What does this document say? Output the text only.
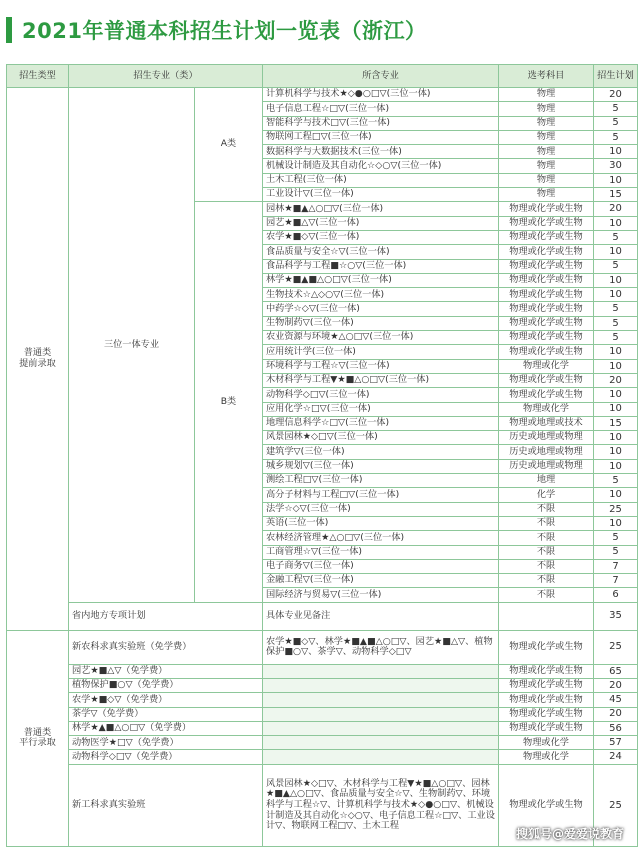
2021年普通本科招生计划一览表（浙江）
招生类型	招生专业（类）		所含专业	选考科目	招生计划
普通类
提前录取	三位一体专业	A类	计算机科学与技术★◇●○□▽(三位一体)	物理	20
			电子信息工程☆□▽(三位一体)	物理	5
			智能科学与技术□▽(三位一体)	物理	5
			物联网工程□▽(三位一体)	物理	5
			数据科学与大数据技术(三位一体)	物理	10
			机械设计制造及其自动化☆◇○▽(三位一体)	物理	30
			土木工程(三位一体)	物理	10
			工业设计▽(三位一体)	物理	15
		B类	园林★■▲△○□▽(三位一体)	物理或化学或生物	20
			园艺★■△▽(三位一体)	物理或化学或生物	10
			农学★■◇▽(三位一体)	物理或化学或生物	5
			食品质量与安全☆▽(三位一体)	物理或化学或生物	10
			食品科学与工程■☆○▽(三位一体)	物理或化学或生物	5
			林学★■▲■△○□▽(三位一体)	物理或化学或生物	10
			生物技术☆△◇○▽(三位一体)	物理或化学或生物	10
			中药学☆◇▽(三位一体)	物理或化学或生物	5
			生物制药▽(三位一体)	物理或化学或生物	5
			农业资源与环境★△○□▽(三位一体)	物理或化学或生物	5
			应用统计学(三位一体)	物理或化学或生物	10
			环境科学与工程☆▽(三位一体)	物理或化学	10
			木材科学与工程▼★■△○□▽(三位一体)	物理或化学或生物	20
			动物科学◇□▽(三位一体)	物理或化学或生物	10
			应用化学☆□▽(三位一体)	物理或化学	10
			地理信息科学☆□▽(三位一体)	物理或地理或技术	15
			风景园林★◇□▽(三位一体)	历史或地理或物理	10
			建筑学▽(三位一体)	历史或地理或物理	10
			城乡规划▽(三位一体)	历史或地理或物理	10
			测绘工程□▽(三位一体)	地理	5
			高分子材料与工程□▽(三位一体)	化学	10
			法学☆◇▽(三位一体)	不限	25
			英语(三位一体)	不限	10
			农林经济管理★△○□▽(三位一体)	不限	5
			工商管理☆▽(三位一体)	不限	5
			电子商务▽(三位一体)	不限	7
			金融工程▽(三位一体)	不限	7
			国际经济与贸易▽(三位一体)	不限	6
	省内地方专项计划		具体专业见备注		35
普通类
平行录取	新农科求真实验班（免学费）		农学★■◇▽、林学★■▲■△○□▽、园艺★■△▽、植物保护■○▽、茶学▽、动物科学◇□▽	物理或化学或生物	25
	园艺★■△▽（免学费）			物理或化学或生物	65
	植物保护■○▽（免学费）			物理或化学或生物	20
	农学★■◇▽（免学费）			物理或化学或生物	45
	茶学▽（免学费）			物理或化学或生物	20
	林学★▲■△○□▽（免学费）			物理或化学或生物	56
	动物医学★□▽（免学费）			物理或化学	57
	动物科学◇□▽（免学费）			物理或化学	24
	新工科求真实验班		风景园林★◇□▽、木材科学与工程▼★■△○□▽、园林★■▲△○□▽、食品质量与安全☆▽、生物制药▽、环境科学与工程☆▽、计算机科学与技术★◇●○□▽、机械设计制造及其自动化☆◇○▽、电子信息工程☆□▽、工业设计▽、物联网工程□▽、土木工程	物理或化学或生物	25
搜狐号@爱爱说教育
